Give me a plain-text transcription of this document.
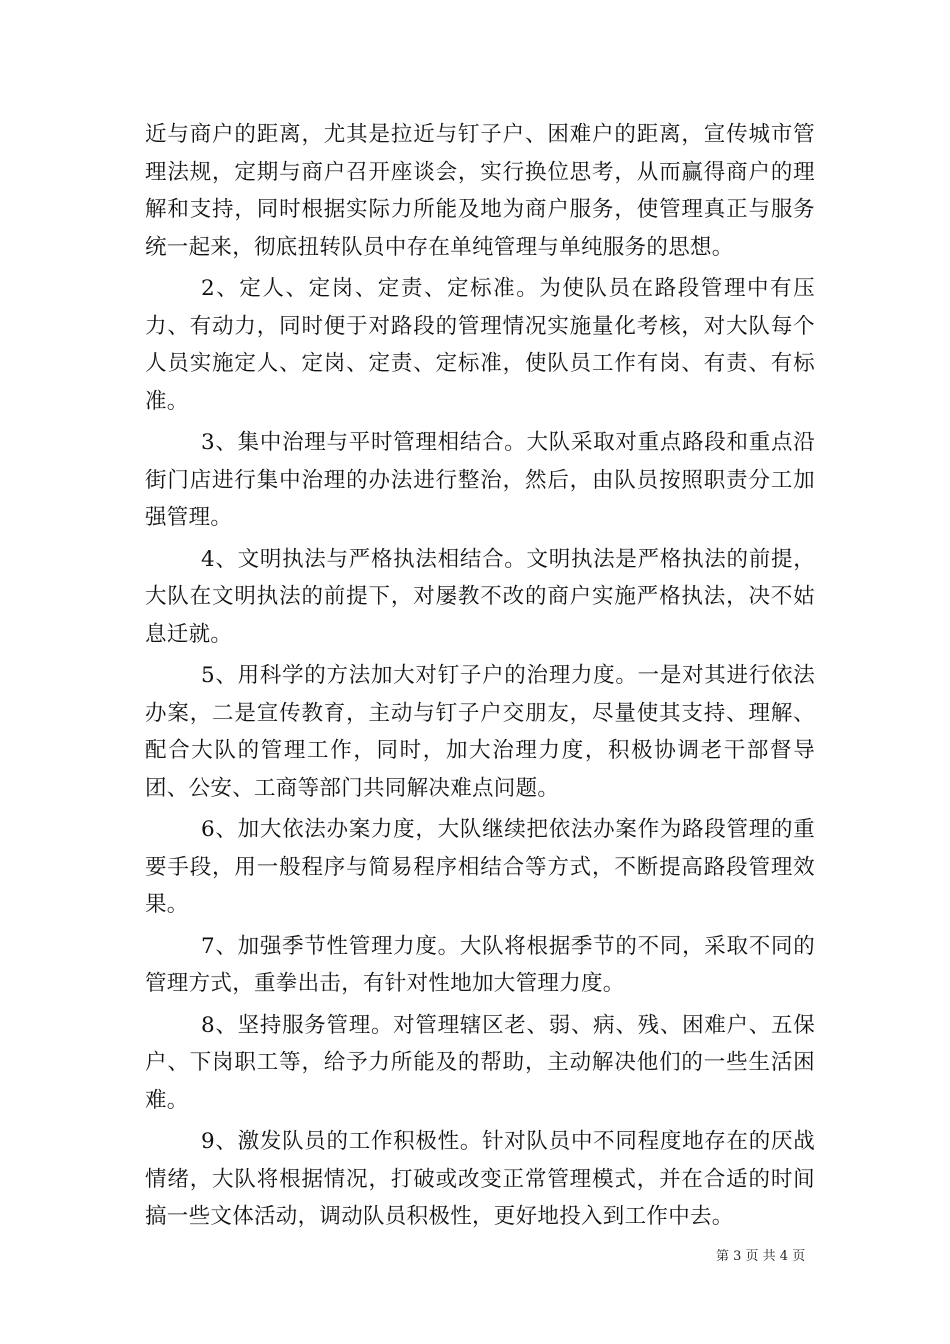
近与商户的距离，尤其是拉近与钉子户、困难户的距离，宣传城市管理法规，定期与商户召开座谈会，实行换位思考，从而赢得商户的理解和支持，同时根据实际力所能及地为商户服务，使管理真正与服务统一起来，彻底扭转队员中存在单纯管理与单纯服务的思想。

2、定人、定岗、定责、定标准。为使队员在路段管理中有压力、有动力，同时便于对路段的管理情况实施量化考核，对大队每个人员实施定人、定岗、定责、定标准，使队员工作有岗、有责、有标准。

3、集中治理与平时管理相结合。大队采取对重点路段和重点沿街门店进行集中治理的办法进行整治，然后，由队员按照职责分工加强管理。

4、文明执法与严格执法相结合。文明执法是严格执法的前提，大队在文明执法的前提下，对屡教不改的商户实施严格执法，决不姑息迁就。

5、用科学的方法加大对钉子户的治理力度。一是对其进行依法办案，二是宣传教育，主动与钉子户交朋友，尽量使其支持、理解、配合大队的管理工作，同时，加大治理力度，积极协调老干部督导团、公安、工商等部门共同解决难点问题。

6、加大依法办案力度，大队继续把依法办案作为路段管理的重要手段，用一般程序与简易程序相结合等方式，不断提高路段管理效果。

7、加强季节性管理力度。大队将根据季节的不同，采取不同的管理方式，重拳出击，有针对性地加大管理力度。

8、坚持服务管理。对管理辖区老、弱、病、残、困难户、五保户、下岗职工等，给予力所能及的帮助，主动解决他们的一些生活困难。

9、激发队员的工作积极性。针对队员中不同程度地存在的厌战情绪，大队将根据情况，打破或改变正常管理模式，并在合适的时间搞一些文体活动，调动队员积极性，更好地投入到工作中去。

第 3 页 共 4 页
